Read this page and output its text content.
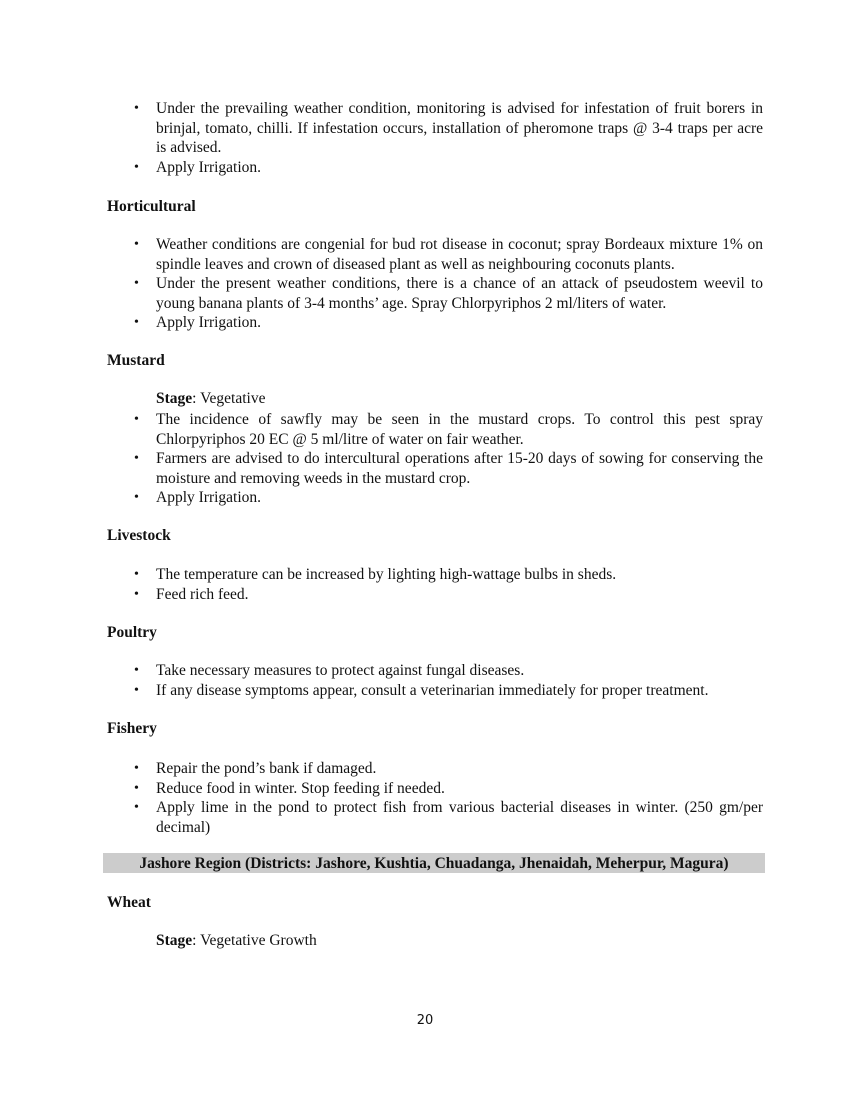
• Under the prevailing weather condition, monitoring is advised for infestation of fruit borers in brinjal, tomato, chilli. If infestation occurs, installation of pheromone traps @ 3-4 traps per acre is advised.
• Apply Irrigation.

Horticultural

• Weather conditions are congenial for bud rot disease in coconut; spray Bordeaux mixture 1% on spindle leaves and crown of diseased plant as well as neighbouring coconuts plants.
• Under the present weather conditions, there is a chance of an attack of pseudostem weevil to young banana plants of 3-4 months’ age. Spray Chlorpyriphos 2 ml/liters of water.
• Apply Irrigation.

Mustard

Stage: Vegetative

• The incidence of sawfly may be seen in the mustard crops. To control this pest spray Chlorpyriphos 20 EC @ 5 ml/litre of water on fair weather.
• Farmers are advised to do intercultural operations after 15-20 days of sowing for conserving the moisture and removing weeds in the mustard crop.
• Apply Irrigation.

Livestock

• The temperature can be increased by lighting high-wattage bulbs in sheds.
• Feed rich feed.

Poultry

• Take necessary measures to protect against fungal diseases.
• If any disease symptoms appear, consult a veterinarian immediately for proper treatment.

Fishery

• Repair the pond’s bank if damaged.
• Reduce food in winter. Stop feeding if needed.
• Apply lime in the pond to protect fish from various bacterial diseases in winter. (250 gm/per decimal)
Jashore Region (Districts: Jashore, Kushtia, Chuadanga, Jhenaidah, Meherpur, Magura)

Wheat

Stage: Vegetative Growth

20
